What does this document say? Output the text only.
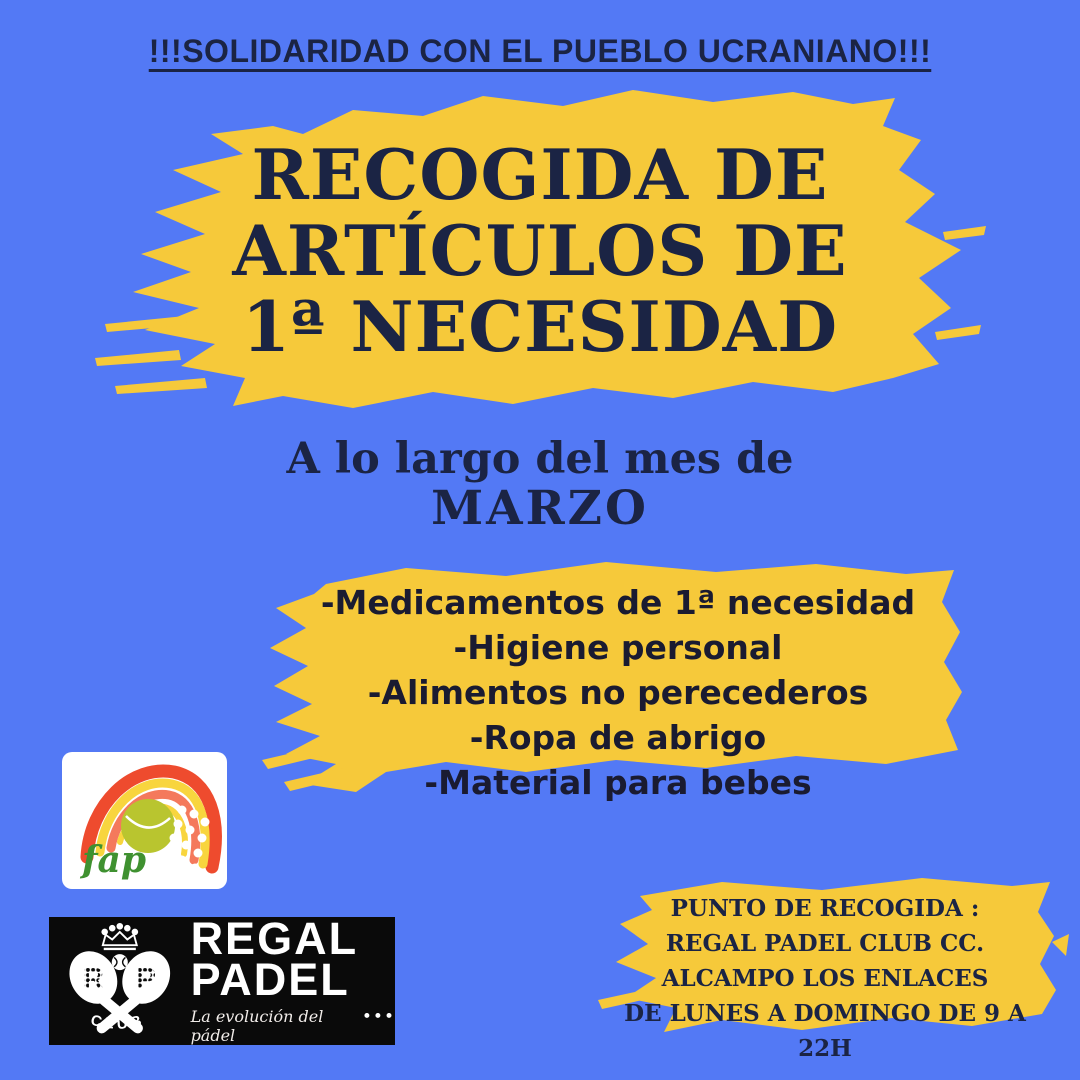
!!!SOLIDARIDAD CON EL PUEBLO UCRANIANO!!!
RECOGIDA DE
ARTÍCULOS DE
1ª NECESIDAD
A lo largo del mes de
MARZO
-Medicamentos de 1ª necesidad
-Higiene personal
-Alimentos no perecederos
-Ropa de abrigo
-Material para bebes
fap
R P
CLUB
REGAL
PADEL
La evolución del pádel
•••
PUNTO DE RECOGIDA :
REGAL PADEL CLUB CC. ALCAMPO LOS ENLACES
DE LUNES A DOMINGO DE 9 A 22H
